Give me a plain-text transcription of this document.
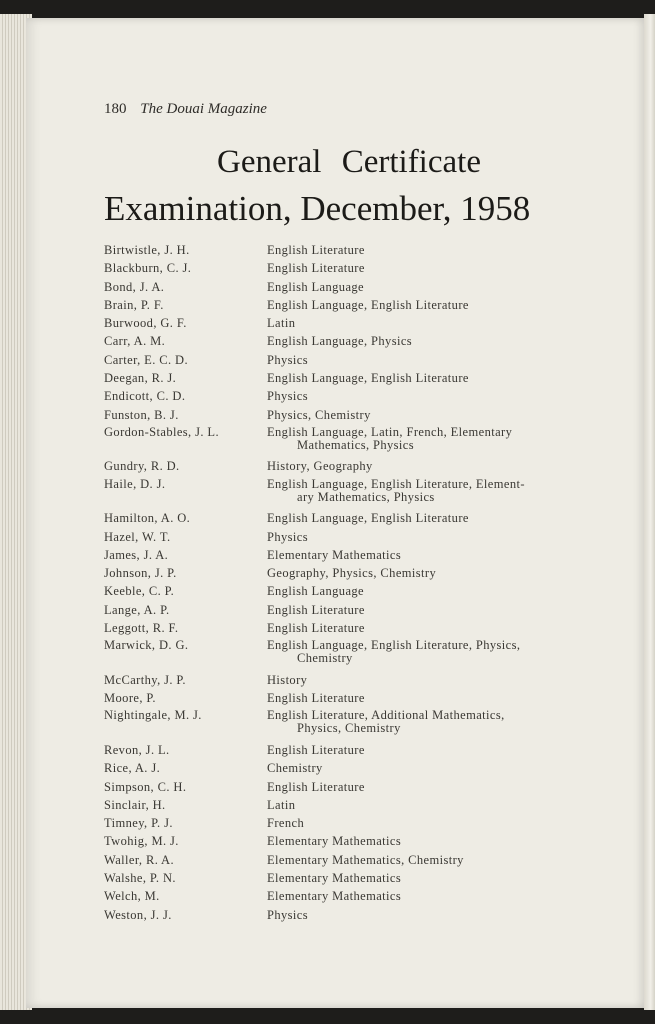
180 The Douai Magazine
General Certificate
Examination, December, 1958
Birtwistle, J. H.	English Literature
Blackburn, C. J.	English Literature
Bond, J. A.	English Language
Brain, P. F.	English Language, English Literature
Burwood, G. F.	Latin
Carr, A. M.	English Language, Physics
Carter, E. C. D.	Physics
Deegan, R. J.	English Language, English Literature
Endicott, C. D.	Physics
Funston, B. J.	Physics, Chemistry
Gordon-Stables, J. L.	English Language, Latin, French, Elementary
Mathematics, Physics
Gundry, R. D.	History, Geography
Haile, D. J.	English Language, English Literature, Element-
ary Mathematics, Physics
Hamilton, A. O.	English Language, English Literature
Hazel, W. T.	Physics
James, J. A.	Elementary Mathematics
Johnson, J. P.	Geography, Physics, Chemistry
Keeble, C. P.	English Language
Lange, A. P.	English Literature
Leggott, R. F.	English Literature
Marwick, D. G.	English Language, English Literature, Physics,
Chemistry
McCarthy, J. P.	History
Moore, P.	English Literature
Nightingale, M. J.	English Literature, Additional Mathematics,
Physics, Chemistry
Revon, J. L.	English Literature
Rice, A. J.	Chemistry
Simpson, C. H.	English Literature
Sinclair, H.	Latin
Timney, P. J.	French
Twohig, M. J.	Elementary Mathematics
Waller, R. A.	Elementary Mathematics, Chemistry
Walshe, P. N.	Elementary Mathematics
Welch, M.	Elementary Mathematics
Weston, J. J.	Physics
